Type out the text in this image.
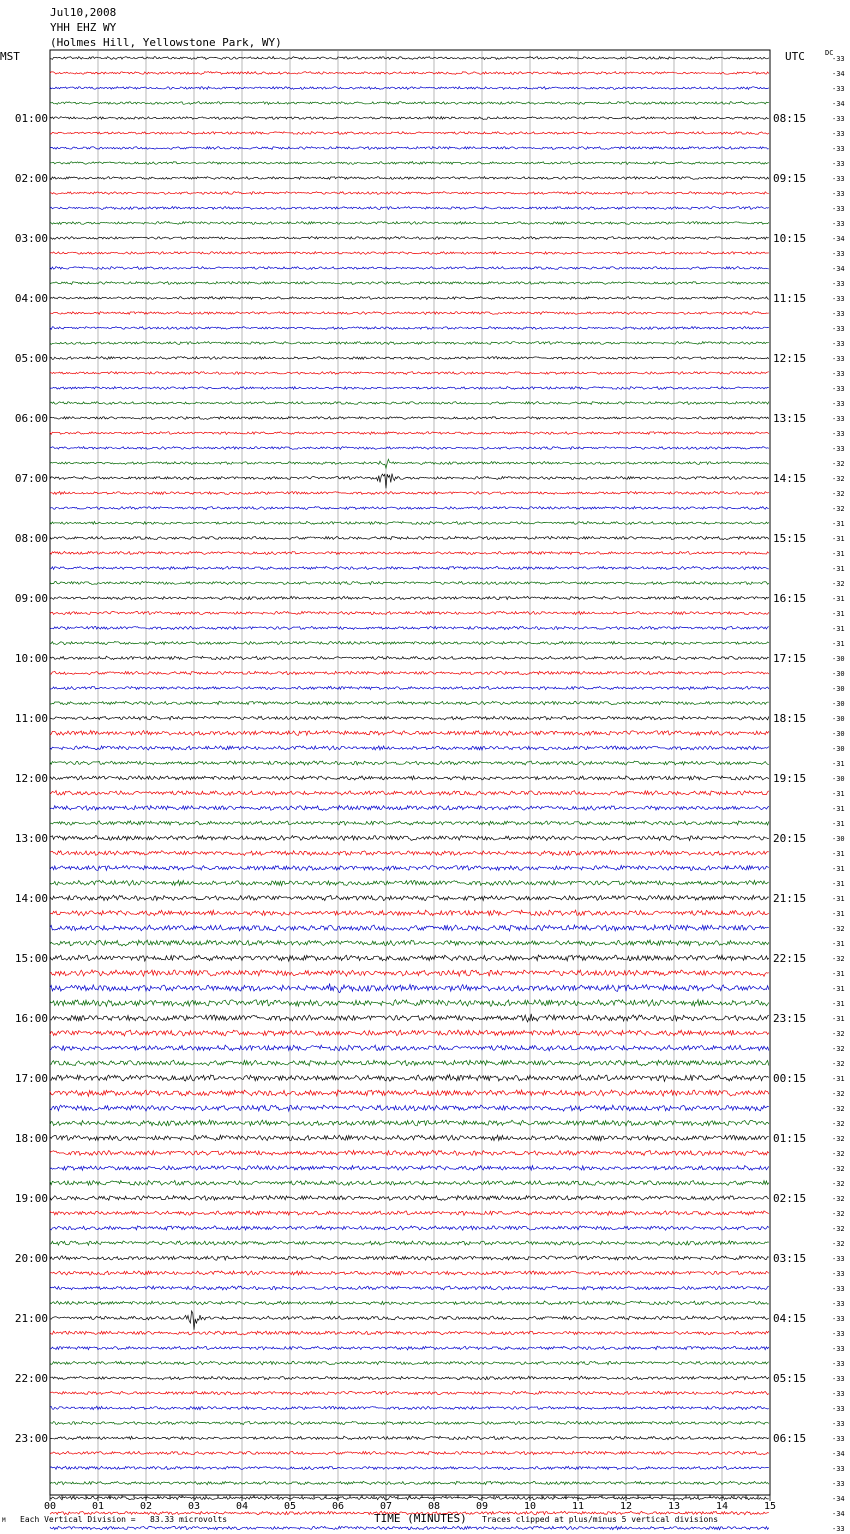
Jul10,2008
YHH EHZ WY
(Holmes Hill, Yellowstone Park, WY)
MST	UTC	DC
-33
-34
-33
-34
-33
-33
-33
-33
-33
-33
-33
-33
-34
-33
-34
-33
-33
-33
-33
-33
-33
-33
-33
-33
-33
-33
-33
-32
-32
-32
-32
-31
-31
-31
-31
-32
-31
-31
-31
-31
-30
-30
-30
-30
-30
-30
-30
-31
-30
-31
-31
-31
-30
-31
-31
-31
-31
-31
-32
-31
-32
-31
-31
-31
-31
-32
-32
-32
-31
-32
-32
-32
-32
-32
-32
-32
-32
-32
-32
-32
-33
-33
-33
-33
-33
-33
-33
-33
-33
-33
-33
-33
-33
-34
-33
-33
-34
-34
-33
01:00
02:00
03:00
04:00
05:00
06:00
07:00
08:00
09:00
10:00
11:00
12:00
13:00
14:00
15:00
16:00
17:00
18:00
19:00
20:00
21:00
22:00
23:00
08:15
09:15
10:15
11:15
12:15
13:15
14:15
15:15
16:15
17:15
18:15
19:15
20:15
21:15
22:15
23:15
00:15
01:15
02:15
03:15
04:15
05:15
06:15
00	01	02	03	04	05	06	07	08	09	10	11	12	13	14	15
TIME (MINUTES)
Each Vertical Division =   83.33 microvolts	Traces clipped at plus/minus 5 vertical divisions
M
